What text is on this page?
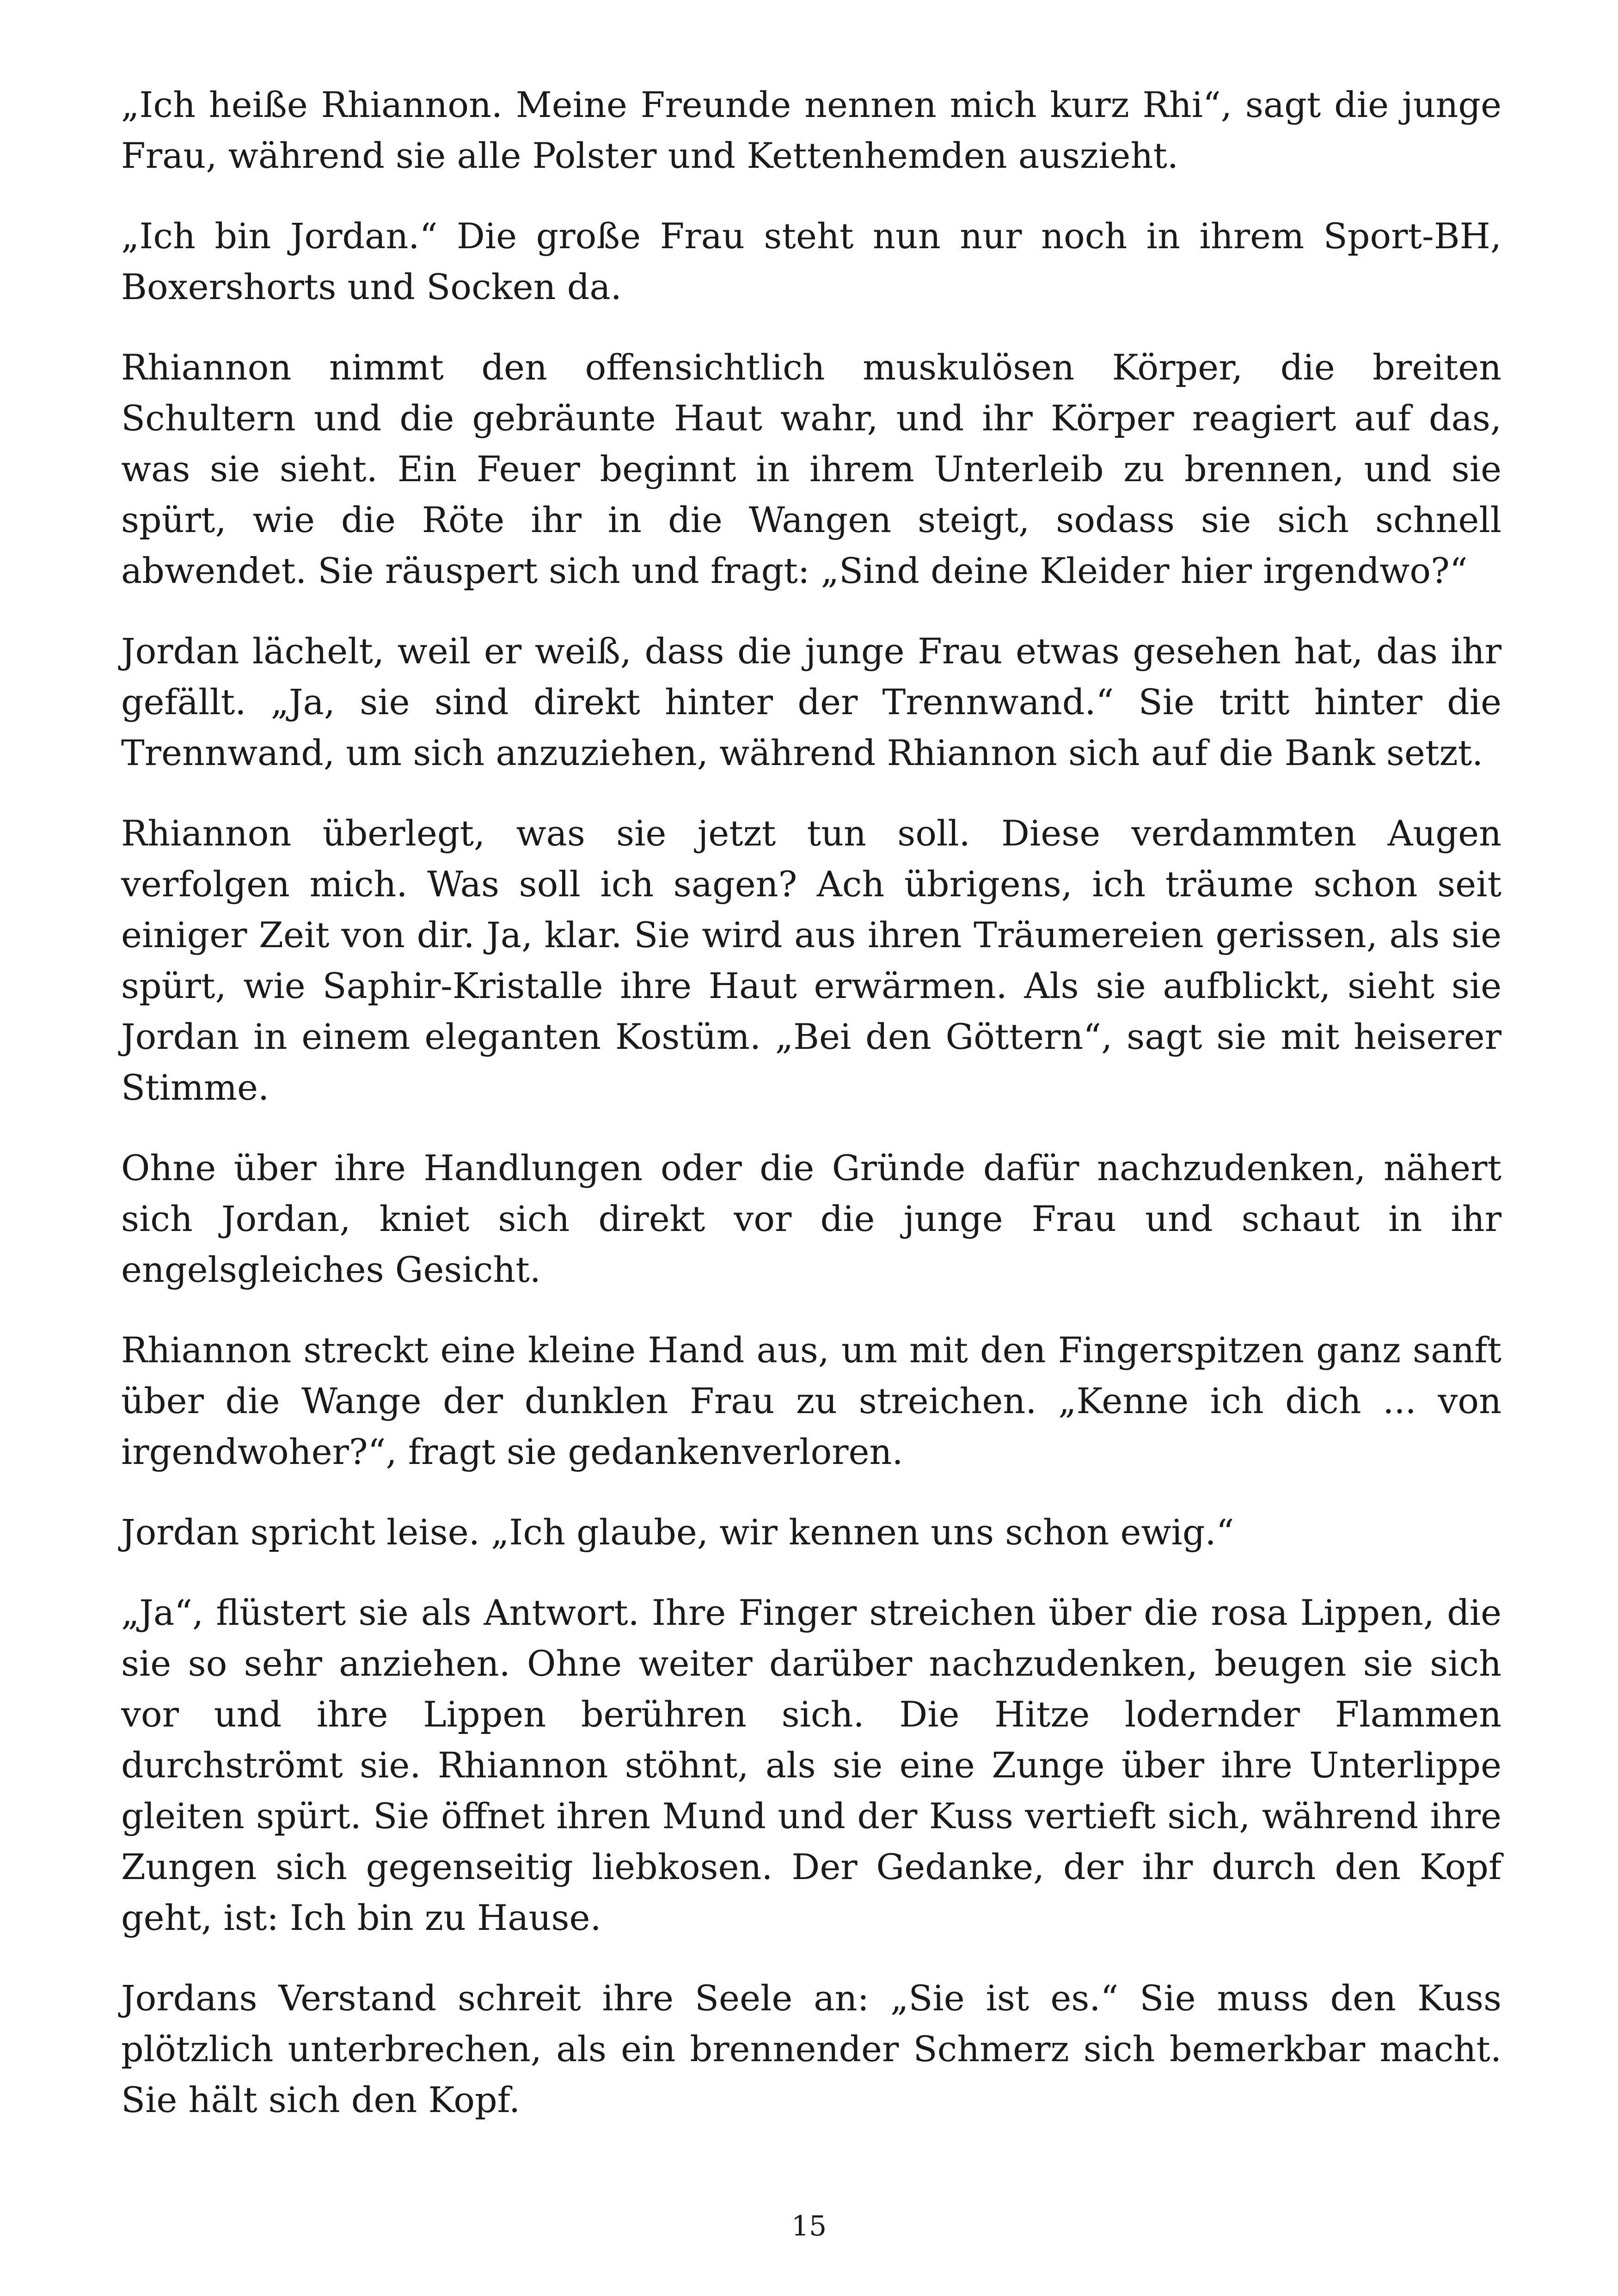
„Ich heiße Rhiannon. Meine Freunde nennen mich kurz Rhi“, sagt die junge Frau, während sie alle Polster und Kettenhemden auszieht.

„Ich bin Jordan.“ Die große Frau steht nun nur noch in ihrem Sport-BH, Boxershorts und Socken da.

Rhiannon nimmt den offensichtlich muskulösen Körper, die breiten Schultern und die gebräunte Haut wahr, und ihr Körper reagiert auf das, was sie sieht. Ein Feuer beginnt in ihrem Unterleib zu brennen, und sie spürt, wie die Röte ihr in die Wangen steigt, sodass sie sich schnell abwendet. Sie räuspert sich und fragt: „Sind deine Kleider hier irgendwo?“

Jordan lächelt, weil er weiß, dass die junge Frau etwas gesehen hat, das ihr gefällt. „Ja, sie sind direkt hinter der Trennwand.“ Sie tritt hinter die Trennwand, um sich anzuziehen, während Rhiannon sich auf die Bank setzt.

Rhiannon überlegt, was sie jetzt tun soll. Diese verdammten Augen verfolgen mich. Was soll ich sagen? Ach übrigens, ich träume schon seit einiger Zeit von dir. Ja, klar. Sie wird aus ihren Träumereien gerissen, als sie spürt, wie Saphir-Kristalle ihre Haut erwärmen. Als sie aufblickt, sieht sie Jordan in einem eleganten Kostüm. „Bei den Göttern“, sagt sie mit heiserer Stimme.

Ohne über ihre Handlungen oder die Gründe dafür nachzudenken, nähert sich Jordan, kniet sich direkt vor die junge Frau und schaut in ihr engelsgleiches Gesicht.

Rhiannon streckt eine kleine Hand aus, um mit den Fingerspitzen ganz sanft über die Wange der dunklen Frau zu streichen. „Kenne ich dich ... von irgendwoher?“, fragt sie gedankenverloren.

Jordan spricht leise. „Ich glaube, wir kennen uns schon ewig.“

„Ja“, flüstert sie als Antwort. Ihre Finger streichen über die rosa Lippen, die sie so sehr anziehen. Ohne weiter darüber nachzudenken, beugen sie sich vor und ihre Lippen berühren sich. Die Hitze lodernder Flammen durchströmt sie. Rhiannon stöhnt, als sie eine Zunge über ihre Unterlippe gleiten spürt. Sie öffnet ihren Mund und der Kuss vertieft sich, während ihre Zungen sich gegenseitig liebkosen. Der Gedanke, der ihr durch den Kopf geht, ist: Ich bin zu Hause.

Jordans Verstand schreit ihre Seele an: „Sie ist es.“ Sie muss den Kuss plötzlich unterbrechen, als ein brennender Schmerz sich bemerkbar macht. Sie hält sich den Kopf.

15
